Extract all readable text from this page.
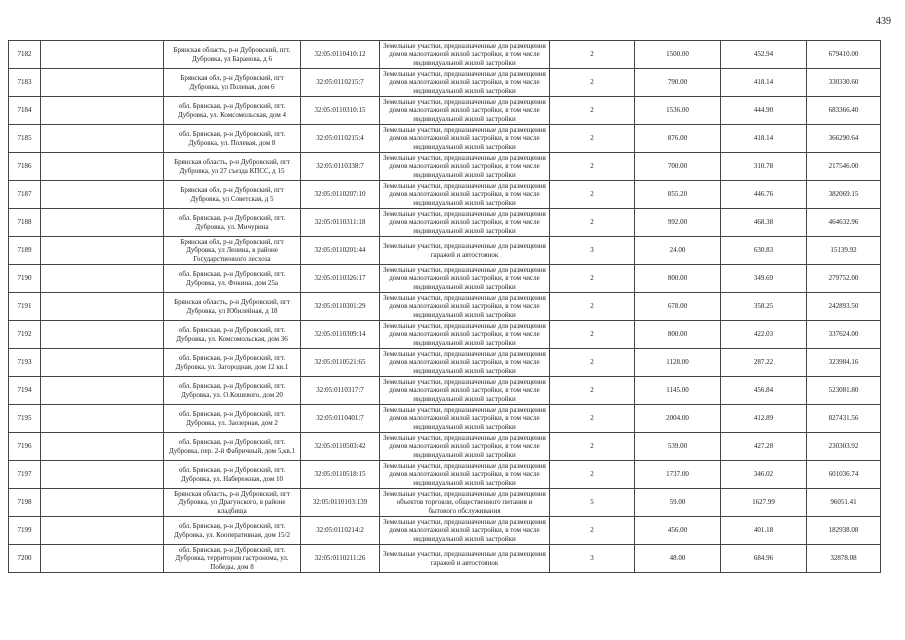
439
7182		Брянская область, р-н Дубровский, пгт. Дубровка, ул Баранова, д 6	32:05:0110410:12	Земельные участки, предназначенные для размещения домов малоэтажной жилой застройки, в том числе индивидуальной жилой застройки	2	1500.00	452.94	679410.00
7183		Брянская обл, р-н Дубровский, пгт Дубровка, ул Полевая, дом 6	32:05:0110215:7	Земельные участки, предназначенные для размещения домов малоэтажной жилой застройки, в том числе индивидуальной жилой застройки	2	790.00	418.14	330330.60
7184		обл. Брянская, р-н Дубровский, пгт. Дубровка, ул. Комсомольская, дом 4	32:05:0110310:15	Земельные участки, предназначенные для размещения домов малоэтажной жилой застройки, в том числе индивидуальной жилой застройки	2	1536.00	444.90	683366.40
7185		обл. Брянская, р-н Дубровский, пгт. Дубровка, ул. Полевая, дом 8	32:05:0110215:4	Земельные участки, предназначенные для размещения домов малоэтажной жилой застройки, в том числе индивидуальной жилой застройки	2	876.00	418.14	366290.64
7186		Брянская область, р-н Дубровский, пгт Дубровка, ул 27 съезда КПСС, д 15	32:05:0110338:7	Земельные участки, предназначенные для размещения домов малоэтажной жилой застройки, в том числе индивидуальной жилой застройки	2	700.00	310.78	217546.00
7187		Брянская обл, р-н Дубровский, пгт Дубровка, ул Советская, д 5	32:05:0110207:10	Земельные участки, предназначенные для размещения домов малоэтажной жилой застройки, в том числе индивидуальной жилой застройки	2	855.20	446.76	382069.15
7188		обл. Брянская, р-н Дубровский, пгт. Дубровка, ул. Мичурина	32:05:0110311:18	Земельные участки, предназначенные для размещения домов малоэтажной жилой застройки, в том числе индивидуальной жилой застройки	2	992.00	468.38	464632.96
7189		Брянская обл, р-н Дубровский, пгт Дубровка, ул Ленина, в районе Государственного лесхоза	32:05:0110201:44	Земельные участки, предназначенные для размещения гаражей и автостоянок	3	24.00	630.83	15139.92
7190		обл. Брянская, р-н Дубровский, пгт. Дубровка, ул. Фокина, дом 25а	32:05:0110326:17	Земельные участки, предназначенные для размещения домов малоэтажной жилой застройки, в том числе индивидуальной жилой застройки	2	800.00	349.69	279752.00
7191		Брянская область, р-н Дубровский, пгт Дубровка, ул Юбилейная, д 18	32:05:0110301:29	Земельные участки, предназначенные для размещения домов малоэтажной жилой застройки, в том числе индивидуальной жилой застройки	2	678.00	358.25	242893.50
7192		обл. Брянская, р-н Дубровский, пгт. Дубровка, ул. Комсомольская, дом 36	32:05:0110309:14	Земельные участки, предназначенные для размещения домов малоэтажной жилой застройки, в том числе индивидуальной жилой застройки	2	800.00	422.03	337624.00
7193		обл. Брянская, р-н Дубровский, пгт. Дубровка, ул. Загородная, дом 12 кв.1	32:05:0110521:65	Земельные участки, предназначенные для размещения домов малоэтажной жилой застройки, в том числе индивидуальной жилой застройки	2	1128.00	287.22	323984.16
7194		обл. Брянская, р-н Дубровский, пгт. Дубровка, ул. О.Кошевого, дом 20	32:05:0110317:7	Земельные участки, предназначенные для размещения домов малоэтажной жилой застройки, в том числе индивидуальной жилой застройки	2	1145.00	456.84	523081.80
7195		обл. Брянская, р-н Дубровский, пгт. Дубровка, ул. Заозерная, дом 2	32:05:0110401:7	Земельные участки, предназначенные для размещения домов малоэтажной жилой застройки, в том числе индивидуальной жилой застройки	2	2004.00	412.89	827431.56
7196		обл. Брянская, р-н Дубровский, пгт. Дубровка, пер. 2-й Фабричный, дом 5,кв.1	32:05:0110503:42	Земельные участки, предназначенные для размещения домов малоэтажной жилой застройки, в том числе индивидуальной жилой застройки	2	539.00	427.28	230303.92
7197		обл. Брянская, р-н Дубровский, пгт. Дубровка, ул. Набережная, дом 10	32:05:0110518:15	Земельные участки, предназначенные для размещения домов малоэтажной жилой застройки, в том числе индивидуальной жилой застройки	2	1737.00	346.02	601036.74
7198		Брянская область, р-н Дубровский, пгт Дубровка, ул Драгунского, в районе кладбища	32:05:0110103:139	Земельные участки, предназначенные для размещения объектов торговли, общественного питания и бытового обслуживания	5	59.00	1627.99	96051.41
7199		обл. Брянская, р-н Дубровский, пгт. Дубровка, ул. Кооперативная, дом 15/2	32:05:0110214:2	Земельные участки, предназначенные для размещения домов малоэтажной жилой застройки, в том числе индивидуальной жилой застройки	2	456.00	401.18	182938.08
7200		обл. Брянская, р-н Дубровский, пгт. Дубровка, территория гастронома, ул. Победы, дом 8	32:05:0110211:26	Земельные участки, предназначенные для размещения гаражей и автостоянок	3	48.00	684.96	32878.08
